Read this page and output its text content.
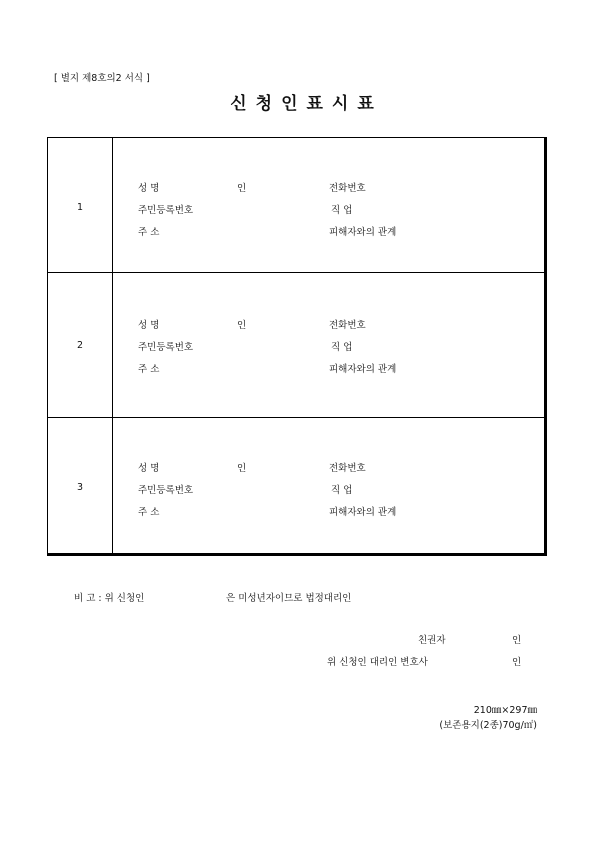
[ 별지 제8호의2 서식 ]
신청인표시표
1
성 명	인	전화번호
주민등록번호	직 업
주 소	피해자와의 관계
2
성 명	인	전화번호
주민등록번호	직 업
주 소	피해자와의 관계
3
성 명	인	전화번호
주민등록번호	직 업
주 소	피해자와의 관계
비 고 : 위 신청인	은 미성년자이므로 법정대리인
친권자	인
위 신청인 대리인 변호사	인
210㎜×297㎜
(보존용지(2종)70g/㎡)
